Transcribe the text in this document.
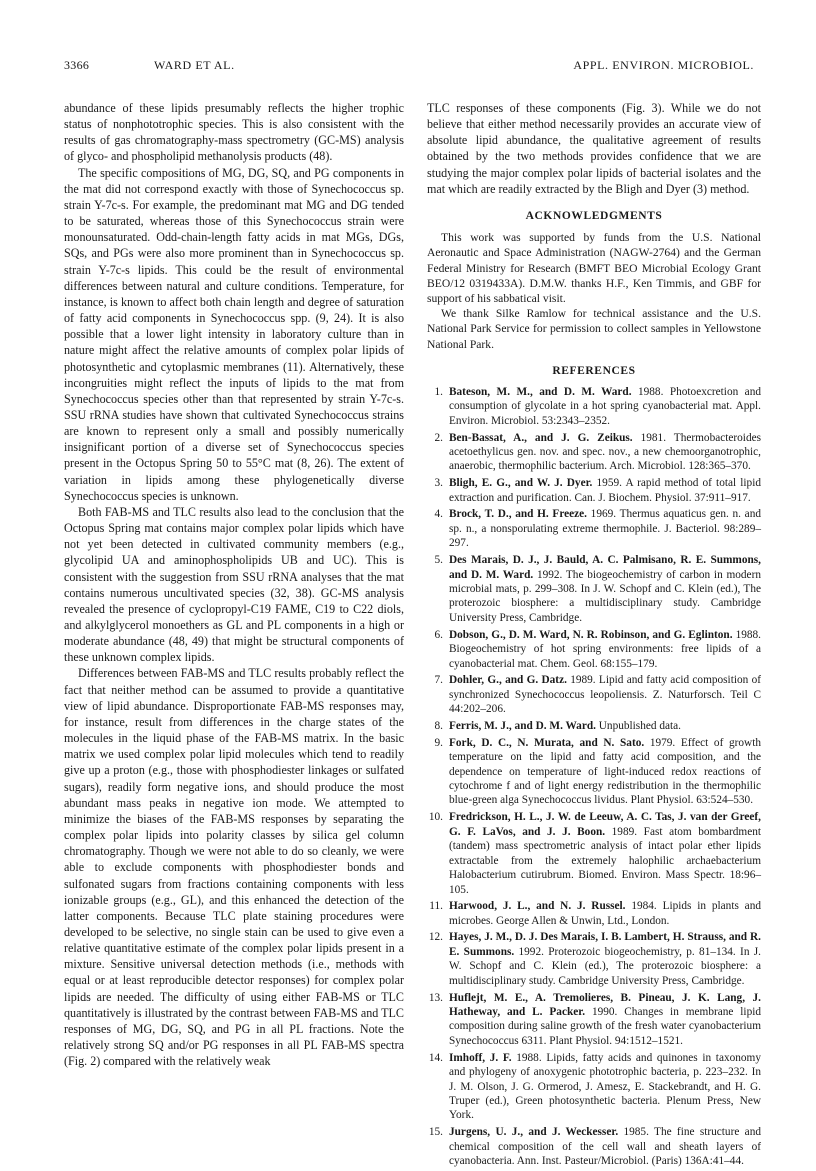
3366	WARD ET AL.	APPL. ENVIRON. MICROBIOL.

abundance of these lipids presumably reflects the higher trophic status of nonphototrophic species. This is also consistent with the results of gas chromatography-mass spectrometry (GC-MS) analysis of glyco- and phospholipid methanolysis products (48).

The specific compositions of MG, DG, SQ, and PG components in the mat did not correspond exactly with those of Synechococcus sp. strain Y-7c-s. For example, the predominant mat MG and DG tended to be saturated, whereas those of this Synechococcus strain were monounsaturated. Odd-chain-length fatty acids in mat MGs, DGs, SQs, and PGs were also more prominent than in Synechococcus sp. strain Y-7c-s lipids. This could be the result of environmental differences between natural and culture conditions. Temperature, for instance, is known to affect both chain length and degree of saturation of fatty acid components in Synechococcus spp. (9, 24). It is also possible that a lower light intensity in laboratory culture than in nature might affect the relative amounts of complex polar lipids of photosynthetic and cytoplasmic membranes (11). Alternatively, these incongruities might reflect the inputs of lipids to the mat from Synechococcus species other than that represented by strain Y-7c-s. SSU rRNA studies have shown that cultivated Synechococcus strains are known to represent only a small and possibly numerically insignificant portion of a diverse set of Synechococcus species present in the Octopus Spring 50 to 55°C mat (8, 26). The extent of variation in lipids among these phylogenetically diverse Synechococcus species is unknown.

Both FAB-MS and TLC results also lead to the conclusion that the Octopus Spring mat contains major complex polar lipids which have not yet been detected in cultivated community members (e.g., glycolipid UA and aminophospholipids UB and UC). This is consistent with the suggestion from SSU rRNA analyses that the mat contains numerous uncultivated species (32, 38). GC-MS analysis revealed the presence of cyclopropyl-C19 FAME, C19 to C22 diols, and alkylglycerol monoethers as GL and PL components in a high or moderate abundance (48, 49) that might be structural components of these unknown complex lipids.

Differences between FAB-MS and TLC results probably reflect the fact that neither method can be assumed to provide a quantitative view of lipid abundance. Disproportionate FAB-MS responses may, for instance, result from differences in the charge states of the molecules in the liquid phase of the FAB-MS matrix. In the basic matrix we used complex polar lipid molecules which tend to readily give up a proton (e.g., those with phosphodiester linkages or sulfated sugars), readily form negative ions, and should produce the most abundant mass peaks in negative ion mode. We attempted to minimize the biases of the FAB-MS responses by separating the complex polar lipids into polarity classes by silica gel column chromatography. Though we were not able to do so cleanly, we were able to exclude components with phosphodiester bonds and sulfonated sugars from fractions containing components with less ionizable groups (e.g., GL), and this enhanced the detection of the latter components. Because TLC plate staining procedures were developed to be selective, no single stain can be used to give even a relative quantitative estimate of the complex polar lipids present in a mixture. Sensitive universal detection methods (i.e., methods with equal or at least reproducible detector responses) for complex polar lipids are needed. The difficulty of using either FAB-MS or TLC quantitatively is illustrated by the contrast between FAB-MS and TLC responses of MG, DG, SQ, and PG in all PL fractions. Note the relatively strong SQ and/or PG responses in all PL FAB-MS spectra (Fig. 2) compared with the relatively weak

TLC responses of these components (Fig. 3). While we do not believe that either method necessarily provides an accurate view of absolute lipid abundance, the qualitative agreement of results obtained by the two methods provides confidence that we are studying the major complex polar lipids of bacterial isolates and the mat which are readily extracted by the Bligh and Dyer (3) method.

ACKNOWLEDGMENTS

This work was supported by funds from the U.S. National Aeronautic and Space Administration (NAGW-2764) and the German Federal Ministry for Research (BMFT BEO Microbial Ecology Grant BEO/12 0319433A). D.M.W. thanks H.F., Ken Timmis, and GBF for support of his sabbatical visit.

We thank Silke Ramlow for technical assistance and the U.S. National Park Service for permission to collect samples in Yellowstone National Park.

REFERENCES
1. Bateson, M. M., and D. M. Ward. 1988. Photoexcretion and consumption of glycolate in a hot spring cyanobacterial mat. Appl. Environ. Microbiol. 53:2343–2352.
2. Ben-Bassat, A., and J. G. Zeikus. 1981. Thermobacteroides acetoethylicus gen. nov. and spec. nov., a new chemoorganotrophic, anaerobic, thermophilic bacterium. Arch. Microbiol. 128:365–370.
3. Bligh, E. G., and W. J. Dyer. 1959. A rapid method of total lipid extraction and purification. Can. J. Biochem. Physiol. 37:911–917.
4. Brock, T. D., and H. Freeze. 1969. Thermus aquaticus gen. n. and sp. n., a nonsporulating extreme thermophile. J. Bacteriol. 98:289–297.
5. Des Marais, D. J., J. Bauld, A. C. Palmisano, R. E. Summons, and D. M. Ward. 1992. The biogeochemistry of carbon in modern microbial mats, p. 299–308. In J. W. Schopf and C. Klein (ed.), The proterozoic biosphere: a multidisciplinary study. Cambridge University Press, Cambridge.
6. Dobson, G., D. M. Ward, N. R. Robinson, and G. Eglinton. 1988. Biogeochemistry of hot spring environments: free lipids of a cyanobacterial mat. Chem. Geol. 68:155–179.
7. Dohler, G., and G. Datz. 1989. Lipid and fatty acid composition of synchronized Synechococcus leopoliensis. Z. Naturforsch. Teil C 44:202–206.
8. Ferris, M. J., and D. M. Ward. Unpublished data.
9. Fork, D. C., N. Murata, and N. Sato. 1979. Effect of growth temperature on the lipid and fatty acid composition, and the dependence on temperature of light-induced redox reactions of cytochrome f and of light energy redistribution in the thermophilic blue-green alga Synechococcus lividus. Plant Physiol. 63:524–530.
10. Fredrickson, H. L., J. W. de Leeuw, A. C. Tas, J. van der Greef, G. F. LaVos, and J. J. Boon. 1989. Fast atom bombardment (tandem) mass spectrometric analysis of intact polar ether lipids extractable from the extremely halophilic archaebacterium Halobacterium cutirubrum. Biomed. Environ. Mass Spectr. 18:96–105.
11. Harwood, J. L., and N. J. Russel. 1984. Lipids in plants and microbes. George Allen & Unwin, Ltd., London.
12. Hayes, J. M., D. J. Des Marais, I. B. Lambert, H. Strauss, and R. E. Summons. 1992. Proterozoic biogeochemistry, p. 81–134. In J. W. Schopf and C. Klein (ed.), The proterozoic biosphere: a multidisciplinary study. Cambridge University Press, Cambridge.
13. Huflejt, M. E., A. Tremolieres, B. Pineau, J. K. Lang, J. Hatheway, and L. Packer. 1990. Changes in membrane lipid composition during saline growth of the fresh water cyanobacterium Synechococcus 6311. Plant Physiol. 94:1512–1521.
14. Imhoff, J. F. 1988. Lipids, fatty acids and quinones in taxonomy and phylogeny of anoxygenic phototrophic bacteria, p. 223–232. In J. M. Olson, J. G. Ormerod, J. Amesz, E. Stackebrandt, and H. G. Truper (ed.), Green photosynthetic bacteria. Plenum Press, New York.
15. Jurgens, U. J., and J. Weckesser. 1985. The fine structure and chemical composition of the cell wall and sheath layers of cyanobacteria. Ann. Inst. Pasteur/Microbiol. (Paris) 136A:41–44.
